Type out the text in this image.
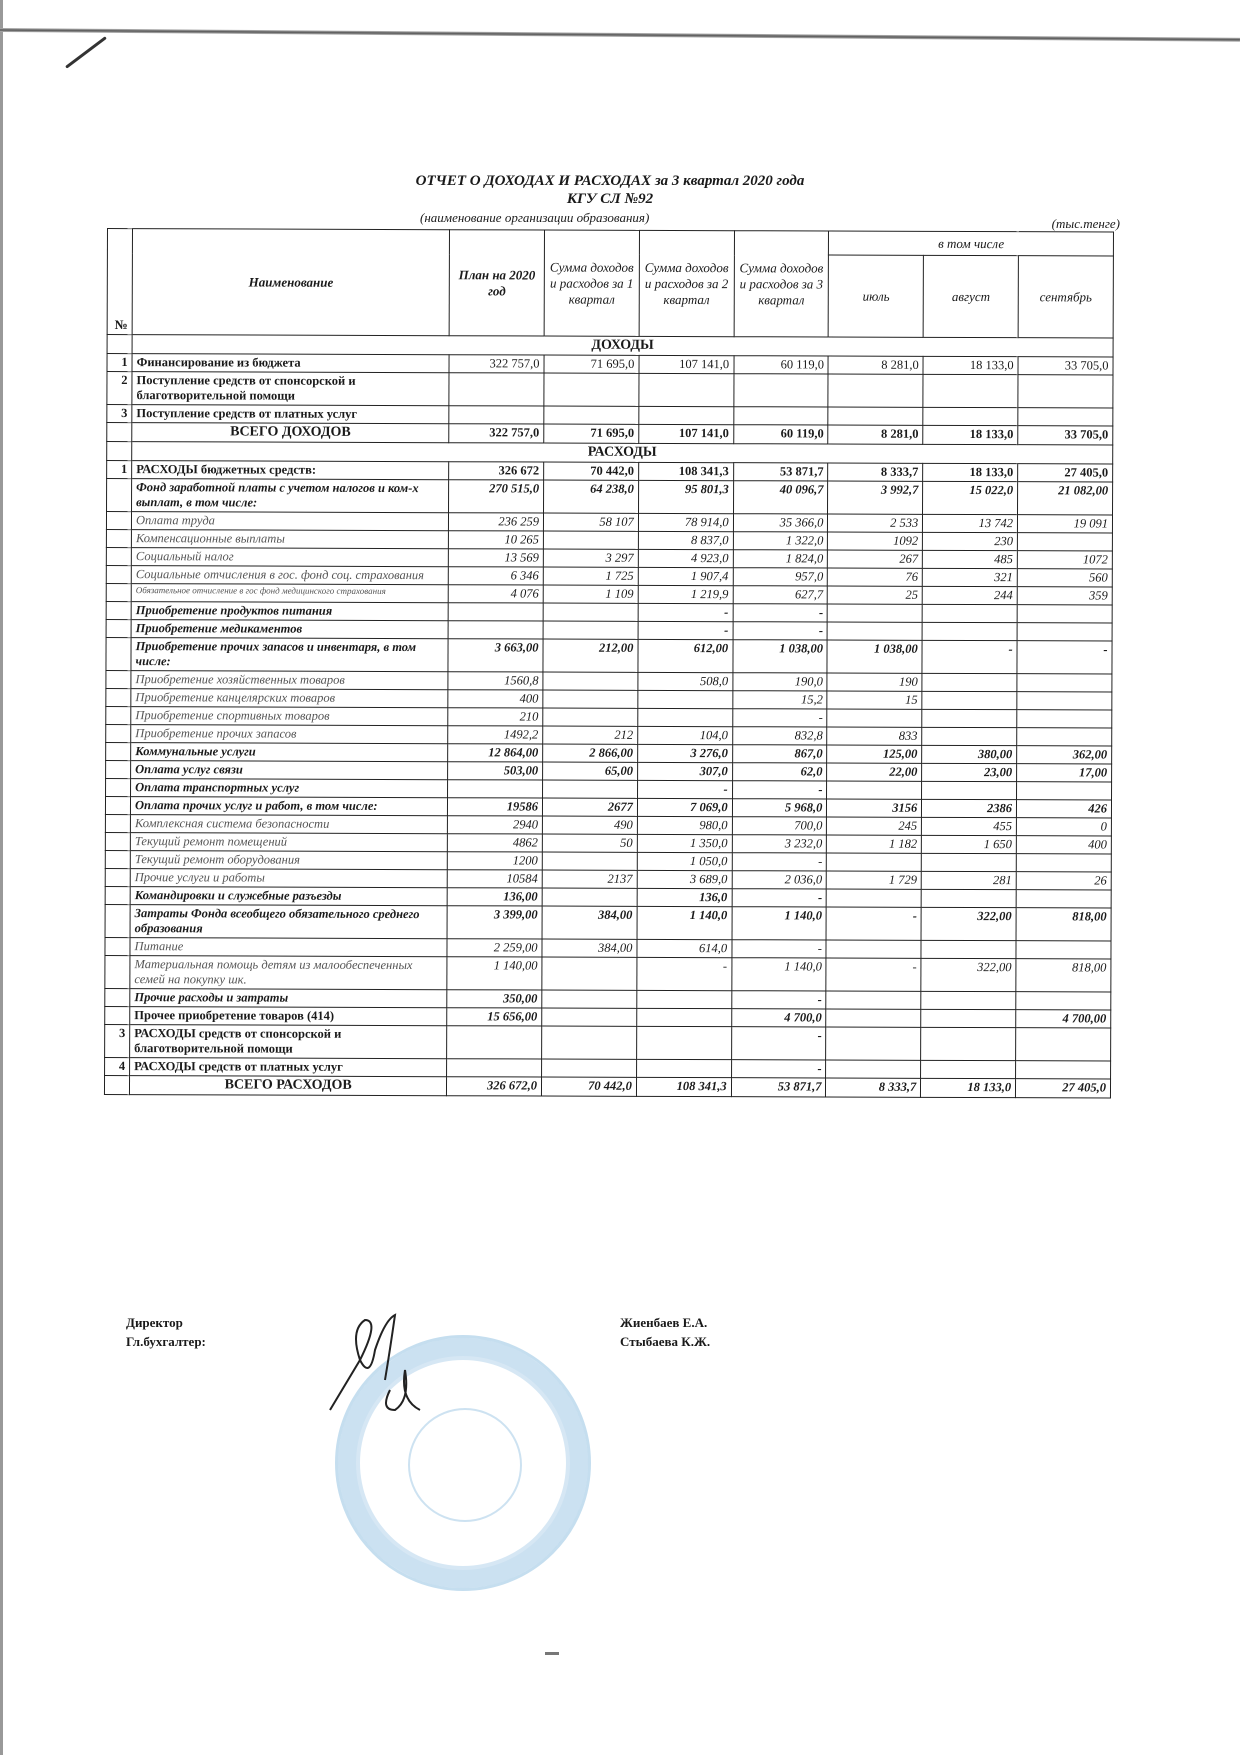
ОТЧЕТ О ДОХОДАХ И РАСХОДАХ за 3 квартал 2020 года
КГУ СЛ №92
(наименование организации образования)	(тыс.тенге)
№	Наименование	План на 2020 год	Сумма доходов и расходов за 1 квартал	Сумма доходов и расходов за 2 квартал	Сумма доходов и расходов за 3 квартал	в том числе		
						июль	август	сентябрь
	ДОХОДЫ							
1	Финансирование из бюджета	322 757,0	71 695,0	107 141,0	60 119,0	8 281,0	18 133,0	33 705,0
2	Поступление средств от спонсорской и благотворительной помощи							
3	Поступление средств от платных услуг							
	ВСЕГО ДОХОДОВ	322 757,0	71 695,0	107 141,0	60 119,0	8 281,0	18 133,0	33 705,0
	РАСХОДЫ							
1	РАСХОДЫ бюджетных средств:	326 672	70 442,0	108 341,3	53 871,7	8 333,7	18 133,0	27 405,0
	Фонд заработной платы с учетом налогов и ком-х выплат, в том числе:	270 515,0	64 238,0	95 801,3	40 096,7	3 992,7	15 022,0	21 082,00
	Оплата труда	236 259	58 107	78 914,0	35 366,0	2 533	13 742	19 091
	Компенсационные выплаты	10 265		8 837,0	1 322,0	1092	230	
	Социальный налог	13 569	3 297	4 923,0	1 824,0	267	485	1072
	Социальные отчисления в гос. фонд соц. страхования	6 346	1 725	1 907,4	957,0	76	321	560
	Обязательное отчисление в гос фонд медицинского страхования	4 076	1 109	1 219,9	627,7	25	244	359
	Приобретение продуктов питания			-	-			
	Приобретение медикаментов			-	-			
	Приобретение прочих запасов и инвентаря, в том числе:	3 663,00	212,00	612,00	1 038,00	1 038,00	-	-
	Приобретение хозяйственных товаров	1560,8		508,0	190,0	190		
	Приобретение канцелярских товаров	400			15,2	15		
	Приобретение спортивных товаров	210			-			
	Приобретение прочих запасов	1492,2	212	104,0	832,8	833		
	Коммунальные услуги	12 864,00	2 866,00	3 276,0	867,0	125,00	380,00	362,00
	Оплата услуг связи	503,00	65,00	307,0	62,0	22,00	23,00	17,00
	Оплата транспортных услуг			-	-			
	Оплата прочих услуг и работ, в том числе:	19586	2677	7 069,0	5 968,0	3156	2386	426
	Комплексная система безопасности	2940	490	980,0	700,0	245	455	0
	Текущий ремонт помещений	4862	50	1 350,0	3 232,0	1 182	1 650	400
	Текущий ремонт оборудования	1200		1 050,0	-			
	Прочие услуги и работы	10584	2137	3 689,0	2 036,0	1 729	281	26
	Командировки и служебные разъезды	136,00		136,0	-			
	Затраты Фонда всеобщего обязательного среднего образования	3 399,00	384,00	1 140,0	1 140,0	-	322,00	818,00
	Питание	2 259,00	384,00	614,0	-			
	Материальная помощь детям из малообеспеченных семей на покупку шк.	1 140,00		-	1 140,0	-	322,00	818,00
	Прочие расходы и затраты	350,00			-			
	Прочее приобретение товаров (414)	15 656,00			4 700,0			4 700,00
3	РАСХОДЫ средств от спонсорской и благотворительной помощи				-			
4	РАСХОДЫ средств от платных услуг				-			
	ВСЕГО РАСХОДОВ	326 672,0	70 442,0	108 341,3	53 871,7	8 333,7	18 133,0	27 405,0
Директор
Гл.бухгалтер:
Жиенбаев Е.А.
Стыбаева К.Ж.
